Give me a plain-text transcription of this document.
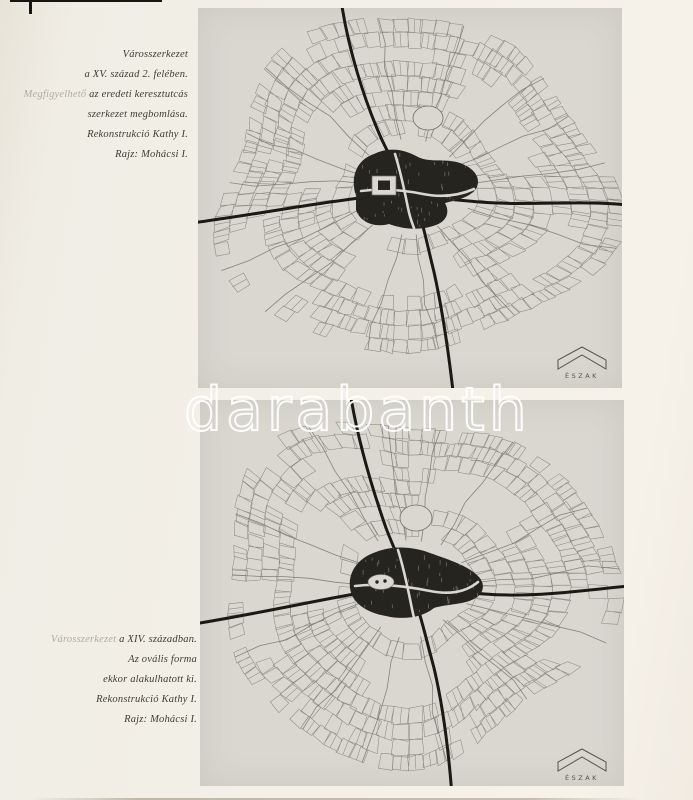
Városszerkezet
a XV. század 2. felében.
Megfigyelhető az eredeti keresztutcás
szerkezet megbomlása.
Rekonstrukció Kathy I.
Rajz: Mohácsi I.
Városszerkezet a XIV. században.
Az ovális forma
ekkor alakulhatott ki.
Rekonstrukció Kathy I.
Rajz: Mohácsi I.
ÉSZAK
ÉSZAK
darabanth
